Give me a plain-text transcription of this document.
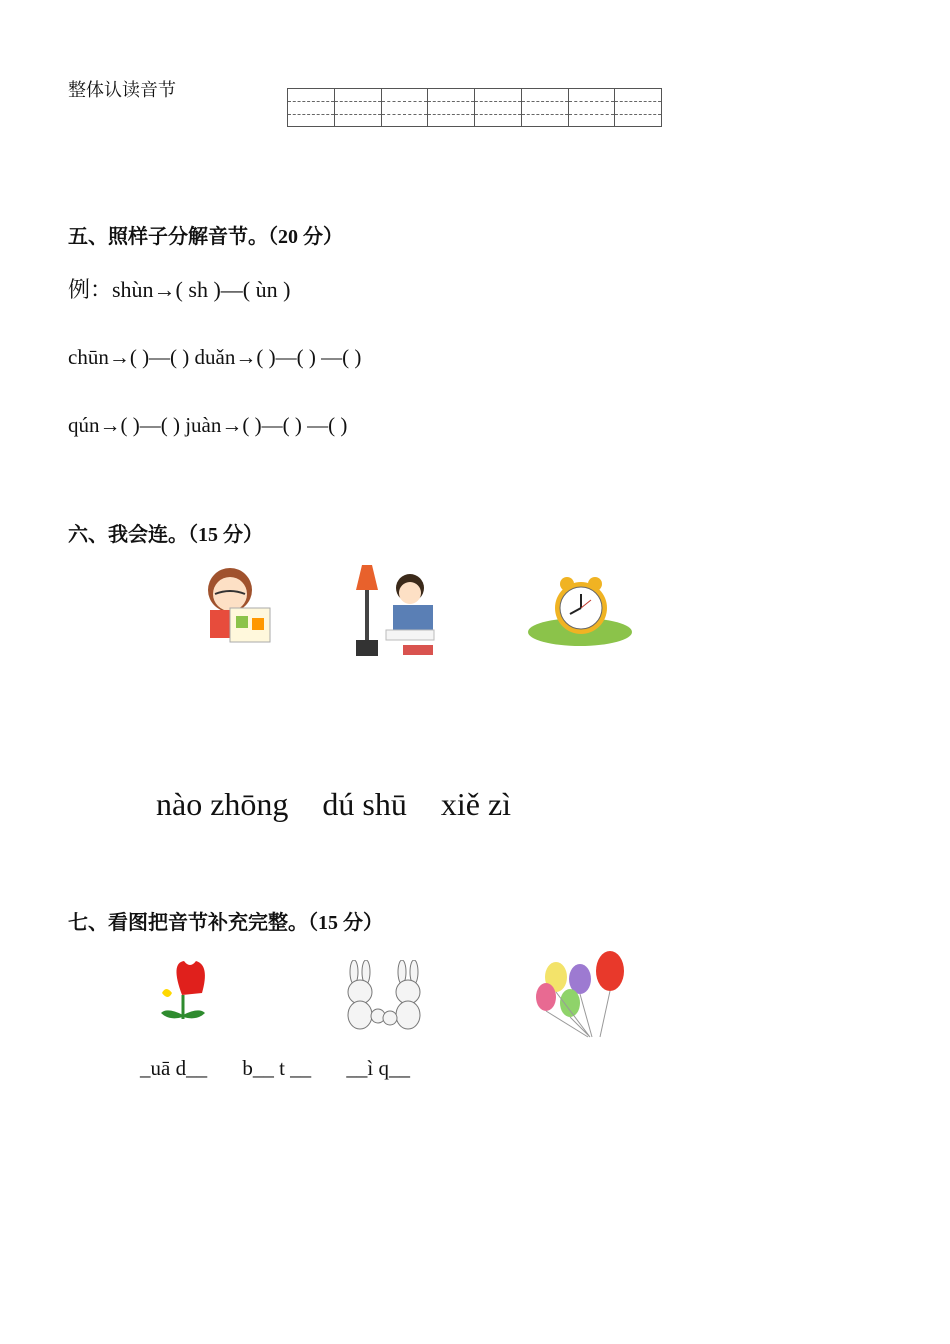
整体认读音节
五、照样子分解音节。（20 分）
例：shùn→( sh )—( ùn )
chūn→( )—( ) duǎn→( )—( ) —( )
qún→( )—( ) juàn→( )—( ) —( )
六、我会连。（15 分）
nào zhōng dú shū xiě zì
七、看图把音节补充完整。（15 分）
_uā d__ b__ t __ __ì q__
